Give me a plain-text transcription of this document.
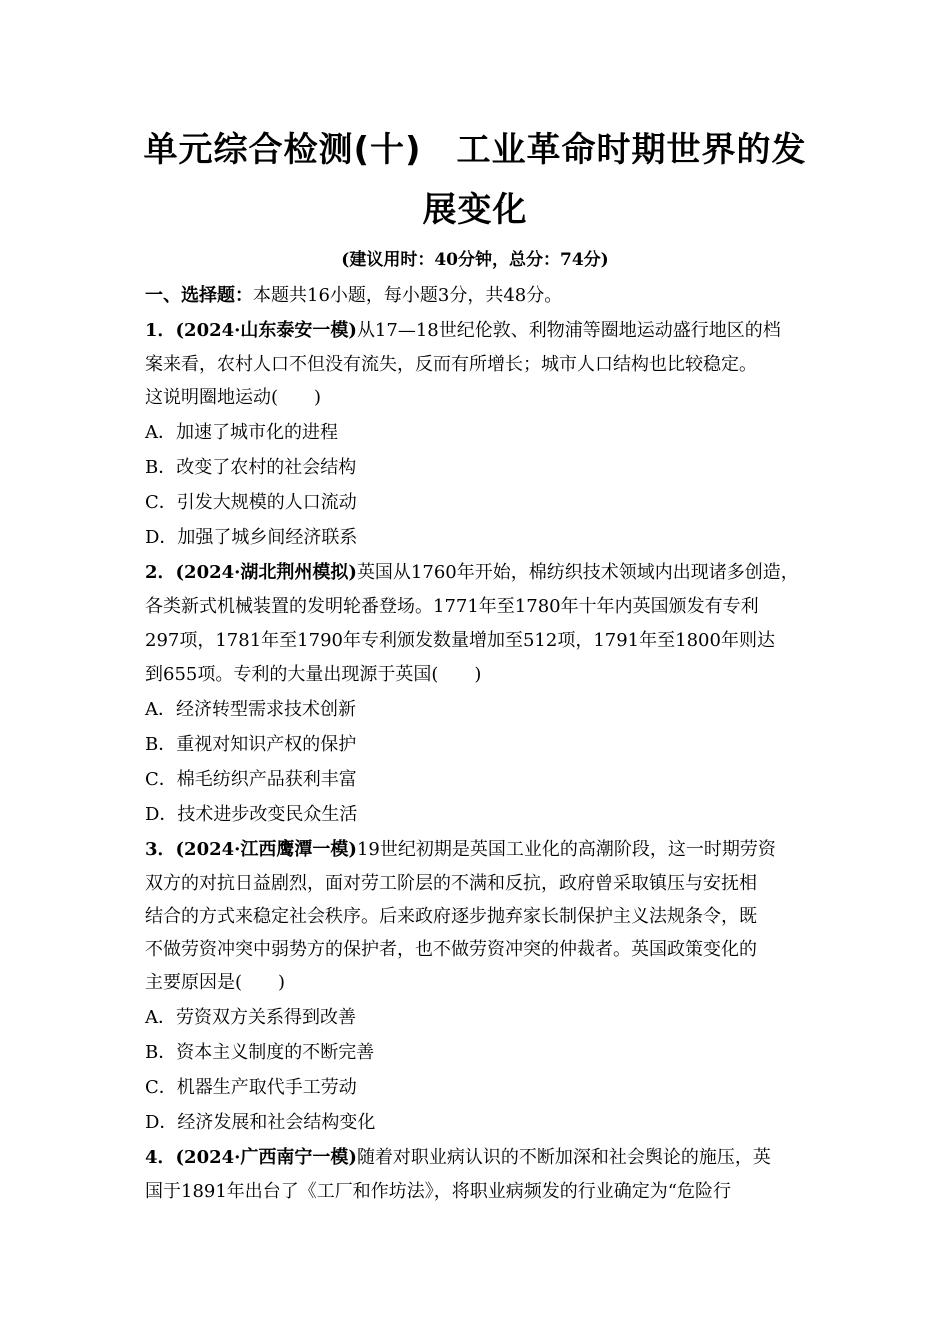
单元综合检测(十)　工业革命时期世界的发
展变化
(建议用时：40分钟，总分：74分)
一、选择题：本题共16小题，每小题3分，共48分。
1．(2024·山东泰安一模)从17—18世纪伦敦、利物浦等圈地运动盛行地区的档
案来看，农村人口不但没有流失，反而有所增长；城市人口结构也比较稳定。
这说明圈地运动(　　)
A．加速了城市化的进程
B．改变了农村的社会结构
C．引发大规模的人口流动
D．加强了城乡间经济联系
2．(2024·湖北荆州模拟)英国从1760年开始，棉纺织技术领域内出现诸多创造，
各类新式机械装置的发明轮番登场。1771年至1780年十年内英国颁发有专利
297项，1781年至1790年专利颁发数量增加至512项，1791年至1800年则达
到655项。专利的大量出现源于英国(　　)
A．经济转型需求技术创新
B．重视对知识产权的保护
C．棉毛纺织产品获利丰富
D．技术进步改变民众生活
3．(2024·江西鹰潭一模)19世纪初期是英国工业化的高潮阶段，这一时期劳资
双方的对抗日益剧烈，面对劳工阶层的不满和反抗，政府曾采取镇压与安抚相
结合的方式来稳定社会秩序。后来政府逐步抛弃家长制保护主义法规条令，既
不做劳资冲突中弱势方的保护者，也不做劳资冲突的仲裁者。英国政策变化的
主要原因是(　　)
A．劳资双方关系得到改善
B．资本主义制度的不断完善
C．机器生产取代手工劳动
D．经济发展和社会结构变化
4．(2024·广西南宁一模)随着对职业病认识的不断加深和社会舆论的施压，英
国于1891年出台了《工厂和作坊法》，将职业病频发的行业确定为“危险行
